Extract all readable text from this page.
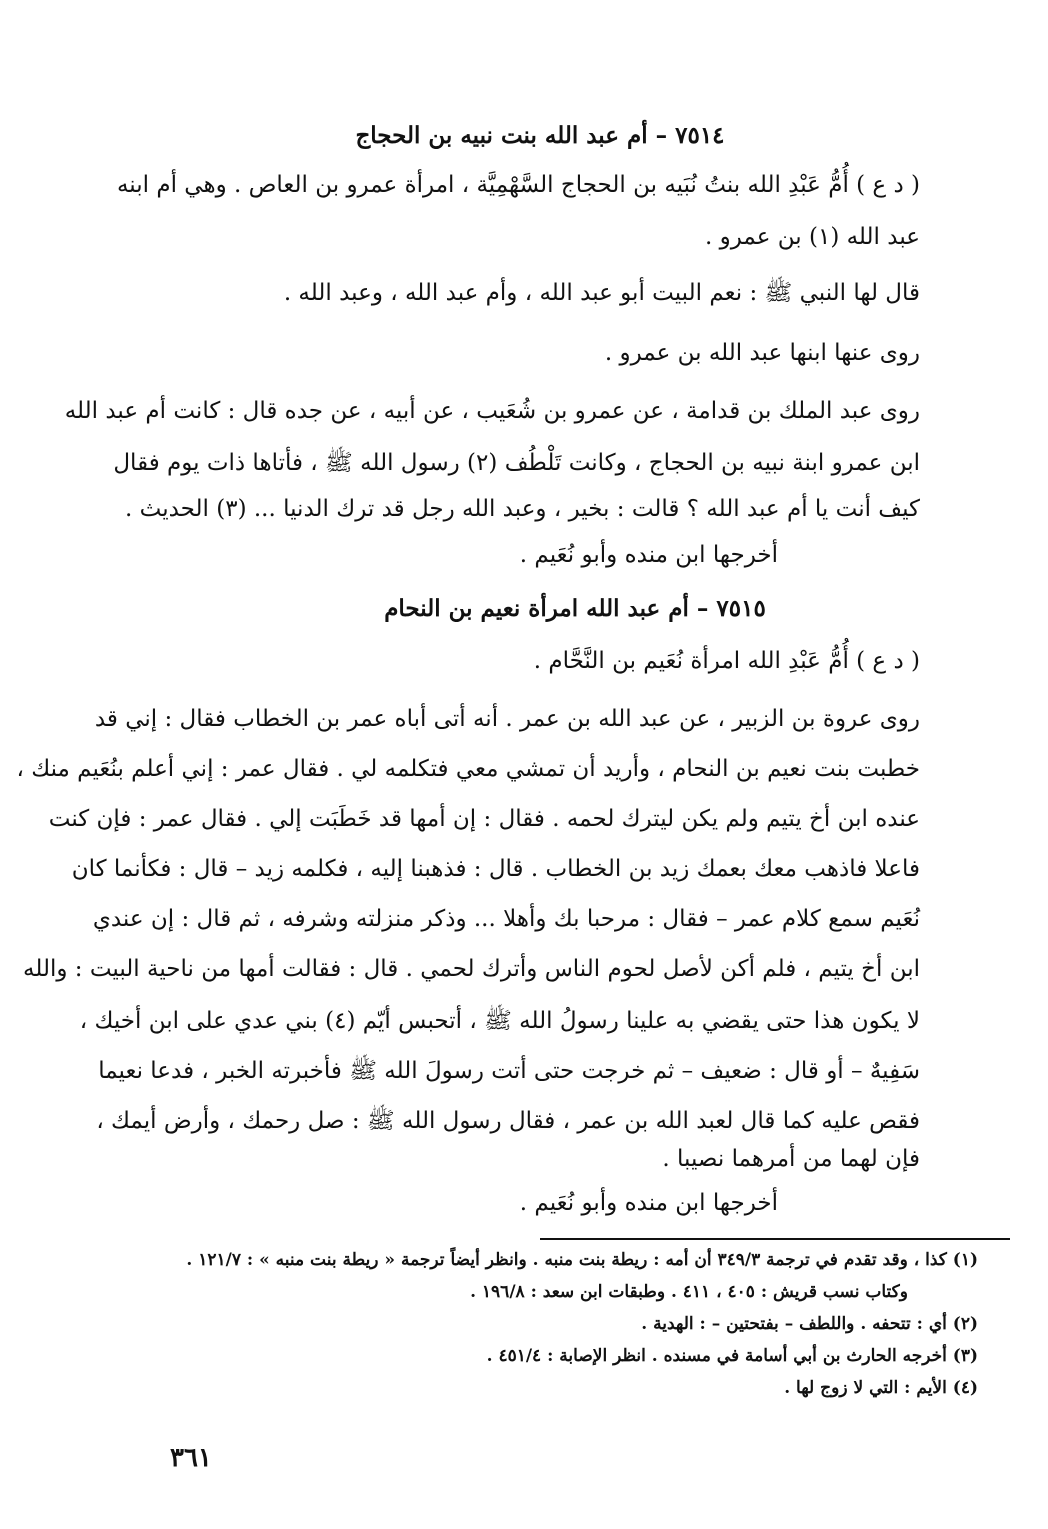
٧٥١٤ – أم عبد الله بنت نبيه بن الحجاج
( د ع ) أُمُّ عَبْدِ الله بنتُ نُبَيه بن الحجاج السَّهْمِيَّة ، امرأة عمرو بن العاص . وهي أم ابنه
عبد الله (١) بن عمرو .
قال لها النبي ﷺ : نعم البيت أبو عبد الله ، وأم عبد الله ، وعبد الله .
روى عنها ابنها عبد الله بن عمرو .
روى عبد الملك بن قدامة ، عن عمرو بن شُعَيب ، عن أبيه ، عن جده قال : كانت أم عبد الله
ابن عمرو ابنة نبيه بن الحجاج ، وكانت تَلْطُف (٢) رسول الله ﷺ ، فأتاها ذات يوم فقال
كيف أنت يا أم عبد الله ؟ قالت : بخير ، وعبد الله رجل قد ترك الدنيا ... (٣) الحديث .
أخرجها ابن منده وأبو نُعَيم .
٧٥١٥ – أم عبد الله امرأة نعيم بن النحام
( د ع ) أُمُّ عَبْدِ الله امرأة نُعَيم بن النَّحَّام .
روى عروة بن الزبير ، عن عبد الله بن عمر . أنه أتى أباه عمر بن الخطاب فقال : إني قد
خطبت بنت نعيم بن النحام ، وأريد أن تمشي معي فتكلمه لي . فقال عمر : إني أعلم بنُعَيم منك ،
عنده ابن أخ يتيم ولم يكن ليترك لحمه . فقال : إن أمها قد خَطَبَت إلي . فقال عمر : فإن كنت
فاعلا فاذهب معك بعمك زيد بن الخطاب . قال : فذهبنا إليه ، فكلمه زيد – قال : فكأنما كان
نُعَيم سمع كلام عمر – فقال : مرحبا بك وأهلا ... وذكر منزلته وشرفه ، ثم قال : إن عندي
ابن أخ يتيم ، فلم أكن لأصل لحوم الناس وأترك لحمي . قال : فقالت أمها من ناحية البيت : والله
لا يكون هذا حتى يقضي به علينا رسولُ الله ﷺ ، أتحبس أيّم (٤) بني عدي على ابن أخيك ،
سَفِيهٌ – أو قال : ضعيف – ثم خرجت حتى أتت رسولَ الله ﷺ فأخبرته الخبر ، فدعا نعيما
فقص عليه كما قال لعبد الله بن عمر ، فقال رسول الله ﷺ : صل رحمك ، وأرض أيمك ،
فإن لهما من أمرهما نصيبا .
أخرجها ابن منده وأبو نُعَيم .
(١) كذا ، وقد تقدم في ترجمة ٣٤٩/٣ أن أمه : ريطة بنت منبه . وانظر أيضاً ترجمة « ريطة بنت منبه » : ١٢١/٧ .
وكتاب نسب قريش : ٤٠٥ ، ٤١١ . وطبقات ابن سعد : ١٩٦/٨ .
(٢) أي : تتحفه . واللطف – بفتحتين – : الهدية .
(٣) أخرجه الحارث بن أبي أسامة في مسنده . انظر الإصابة : ٤٥١/٤ .
(٤) الأيم : التي لا زوج لها .
٣٦١
